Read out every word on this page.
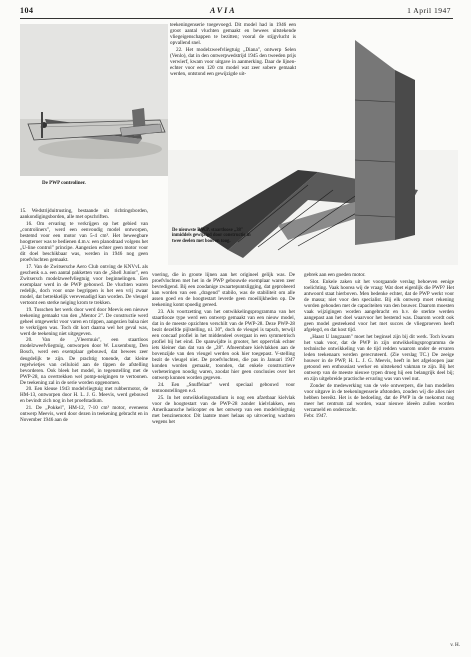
104	AVIA	1 April 1947
De PWP controliner.
De nieuwste P.W.P. staartloose „38" inmiddels gewijzigd door constructie in twee deelen met boot en toog.

teekeningenserie toegevoegd. Dit model had in 1946 een groot aantal vluchten gemaakt en bewees uitstekende vliegeigenschappen te bezitten; vooral de stijgvlucht is opvallend snel.

22. Het modelzweefvliegtuig „Diana", ontwerp Selen (Venlo), dat in den ontwerpwedstrijd 1945 den tweeden prijs verwierf, kwam voor uitgave in aanmerking. Daar de lijnen- echter voor een 120 cm model wat zeer sobere gemaakt werden, ontstond een gewijzigde uit-

15. Wedstrijduitrusting, bestaande uit richtingsborden, aankondigingsborden, alle met opschriften.

16. Om ervaring te verkrijgen op het gebied van „controliners", werd een eenvoudig model ontworpen, bestemd voor een motor van 5-4 cm³. Het beweegbare hoogteroer was te bedienen d.m.v. een planodraad volgens het „U-line control" principe. Aangezien echter geen motor voor dit doel beschikbaar was, werden in 1946 nog geen proefvluchten gemaakt.

17. Van de Zwitsersche Aero Club ontving de KNVvL als geschenk o.a. een aantal pakketten van de „Shell Junior", een Zwitsersch modelzweefvliegtuig voor beginnelingen. Een exemplaar werd in de PWP gebouwd. De vluchten waren redelijk, doch voor onze begrippen is het een vrij zwaar model, dat betrekkelijk verevenadigd kan worden. De vleugel vertoont een sterke neiging krom te trekken.

19. Tusschen het werk door werd door Meevis een nieuwe teekening gemaakt van den „Mentor 2". De constructie werd geheel omgewerkt voor varen en trippen, aangezien balsa niet te verkrijgen was. Toch dit kort daarna wel het geval was, werd de teekening niet uitgegeven.

20. Van de „Vleermuis", een staartloos modelzweefvliegtuig, ontworpen door W. Luxemburg, Den Bosch, werd een exemplaar gebouwd, dat bewees zeer deugdelijk te zijn. De prachtig tonende, dat kleine regelwietjes van celluloid aan de tippen de afstelling bevorderen. Ook bleek het model, in tegenstelling met de PWP-28, na overtrekken wel pomp-neigingen te vertoonen. De teekening zal in de serie worden opgenomen.

20. Een kleuse 1943 modelvliegtuig met rubbermotor, de HM-13, ontworpen door H. L. J. G. Meevis, werd gebouwd en bevindt zich nog in het proefstadium.

21. De „Pokkel", HM-12, 7-10 cm³ motor, eveneens ontwerp Meevis, werd door dezen in teekening gebracht en in November 1946 aan de

voering, die in groote lijnen aan het origineel gelijk was. De proefvluchten met het in de PWP gebouwde exemplaar waren zeer bevredigend. Bij een zoodanige zwaartepuntsligging, dat geprobeerd kan worden van een „dragend" stabilo, was de stabiliteit om alle assen goed en de hoogtestart leverde geen moeilijkheden op. De teekening komt spoedig gereed.

23. Als voortzetting van het ontwikkelingsprogramma van het staartlooze type werd een ontwerp gemaakt van een nieuw model, dat in de meeste opzichten verschilt van de PWP-28. Deze PWP-28 bezit dezelfde pijlstelling, nl. 30°, doch de vleugel is tapsch, terwijl een concaaf profiel in het middendeel overgaat in een symmetrisch profiel bij het eind. De spanwijdte is grooter, het oppervlak echter iets kleiner dan dat van de „28". Afneembare kielvlakken aan de bovenzijde van den vleugel werden ook hier toegepast. V-stelling bezit de vleugel niet. De proefvluchten, die pas in Januari 1947 konden worden gemaakt, toonden, dat enkele constructieve verbeteringen noodig waren, zoodat hier geen conclusies over het ontwerp kunnen worden gegeven.

24. Een „Snuffelaar" werd speciaal gebouwd voor tentoonstellingen e.d.

25. In het ontwikkelingsstadium is nog een afzetbaar kielvlak voor de hoogtestart van de PWP-28 zonder kielvlakken, een Amerikaansche helicopter en het ontwerp van een modelvliegtuig met benzinemotor. Dit laatste moet helaas op uitvoering wachten wegens het

gebrek aan een goeden motor.

Slot. Enkele zaken uit het voorgaande verslag behoeven eenige toelichting. Vaak hoorea wij de vraag: Wat doet eigenlijk die PWP? Het antwoord staat hierboven. Men bedenke echter, dat de PWP werkt voor de massa; niet voor den specialist. Bij elk ontwerp moet rekening worden gehouden met de capaciteiten van den bouwer. Daarom moesten vaak wijzigingen worden aangebracht en b.v. de sterkte werden aangepast aan het doel waarvoor het bestemd was. Daarom wordt ook geen model gesteekend voor het met succes de vliegproeven heeft afgelegd, en dat kost tijd.

„Haast U langzaam" moet het beginsel zijn bij dit werk. Toch kwam het vaak voor, dat de PWP in zijn ontwikkelingsprogramma de technische ontwikkeling van de tijd redden waarom onder de ervaren leden teekenaars werden gerecruteerd. (Zie verslag TC.) De zeeige houwer in de PWP, H. L. J. G. Meevis, heeft in het afgeloopen jaar getoond een enthousiast werker en uitstekend vakman te zijn. Bij het ontwerp van de meeste nieuwe typen droeg hij een belangrijk deel bij; en zijn uitgebreide practische ervaring was van veel nut.

Zonder de medewerking van de vele ontwerpers, die hun modellen voor uitgave in de teekeningenserie afstonden, zouden wij die alles niet hebben bereikt. Het is de bedoeling, dat de PWP in de toekomst nog meer het centrum zal worden, waar nieuwe ideeën zullen worden verzameld en onderzocht.

Febr. 1947.

v. H.
